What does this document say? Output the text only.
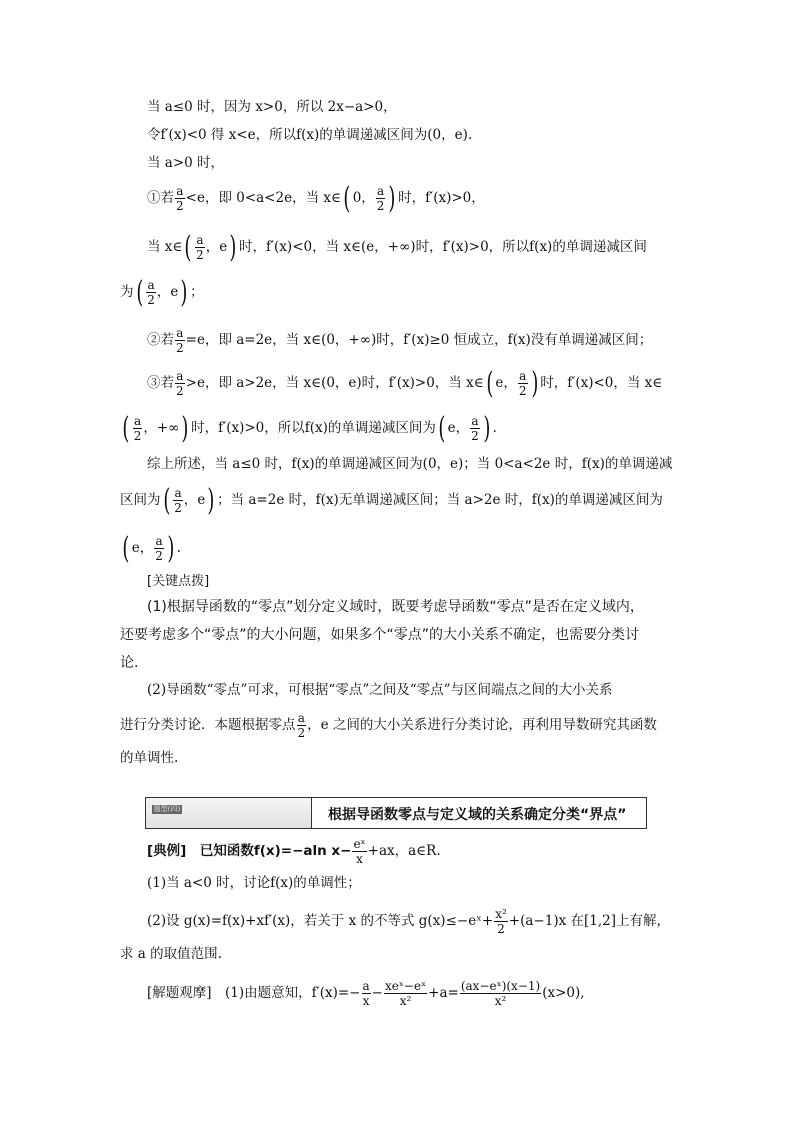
当 a≤0 时，因为 x>0，所以 2x−a>0，
令f′(x)<0 得 x<e，所以f(x)的单调递减区间为(0，e).
当 a>0 时，
①若 $\frac{a}{2} <e$，即 0<a<2e，当 x∈( 0， $\frac{a}{2}$ ) 时，f′(x)>0，
当 x∈( $\frac{a}{2}$ ，e) 时，f′(x)<0，当 x∈(e，+∞)时，f′(x)>0，所以f(x)的单调递减区间
为( $\frac{a}{2}$ ，e) ；
②若 $\frac{a}{2} =e$，即 a=2e，当 x∈(0，+∞)时，f′(x)≥0 恒成立，f(x)没有单调递减区间；
③若 $\frac{a}{2} >e$，即 a>2e，当 x∈(0，e)时，f′(x)>0，当 x∈( e， $\frac{a}{2}$ ) 时，f′(x)<0，当 x∈
( $\frac{a}{2}$ ，+∞) 时，f′(x)>0，所以f(x)的单调递减区间为( e， $\frac{a}{2}$ ) .
综上所述，当 a≤0 时，f(x)的单调递减区间为(0，e)；当 0<a<2e 时，f(x)的单调递减
区间为( $\frac{a}{2}$ ，e) ；当 a=2e 时，f(x)无单调递减区间；当 a>2e 时，f(x)的单调递减区间为
( e， $\frac{a}{2}$ ) .
[关键点拨]
(1)根据导函数的“零点”划分定义域时，既要考虑导函数“零点”是否在定义域内，
还要考虑多个“零点”的大小问题，如果多个“零点”的大小关系不确定，也需要分类讨
论.
(2)导函数“零点”可求，可根据“零点”之间及“零点”与区间端点之间的大小关系
进行分类讨论．本题根据零点 $\frac{a}{2}$ ，e 之间的大小关系进行分类讨论，再利用导数研究其函数
的单调性.
题型(四)	根据导函数零点与定义域的关系确定分类“界点”
[典例]　已知函数f(x)=−aln $x- \frac{\text{eˣ}}{x} +ax$，a∈R.
(1)当 a<0 时，讨论f(x)的单调性；
(2)设 g(x)=f(x)+xf′(x)，若关于 x 的不等式 g(x)≤−eˣ+ $\frac{\text{x²}}{2} +(a-1)x$ 在[1,2]上有解，
求 a 的取值范围.
[解题观摩]　(1)由题意知，$f'(x)=- \frac{a}{x} - \frac{\text{xeˣ−eˣ}}{\text{x²}} +a= \frac{\text{(ax−eˣ)(x−1)}}{\text{x²}} (x>0)$,
